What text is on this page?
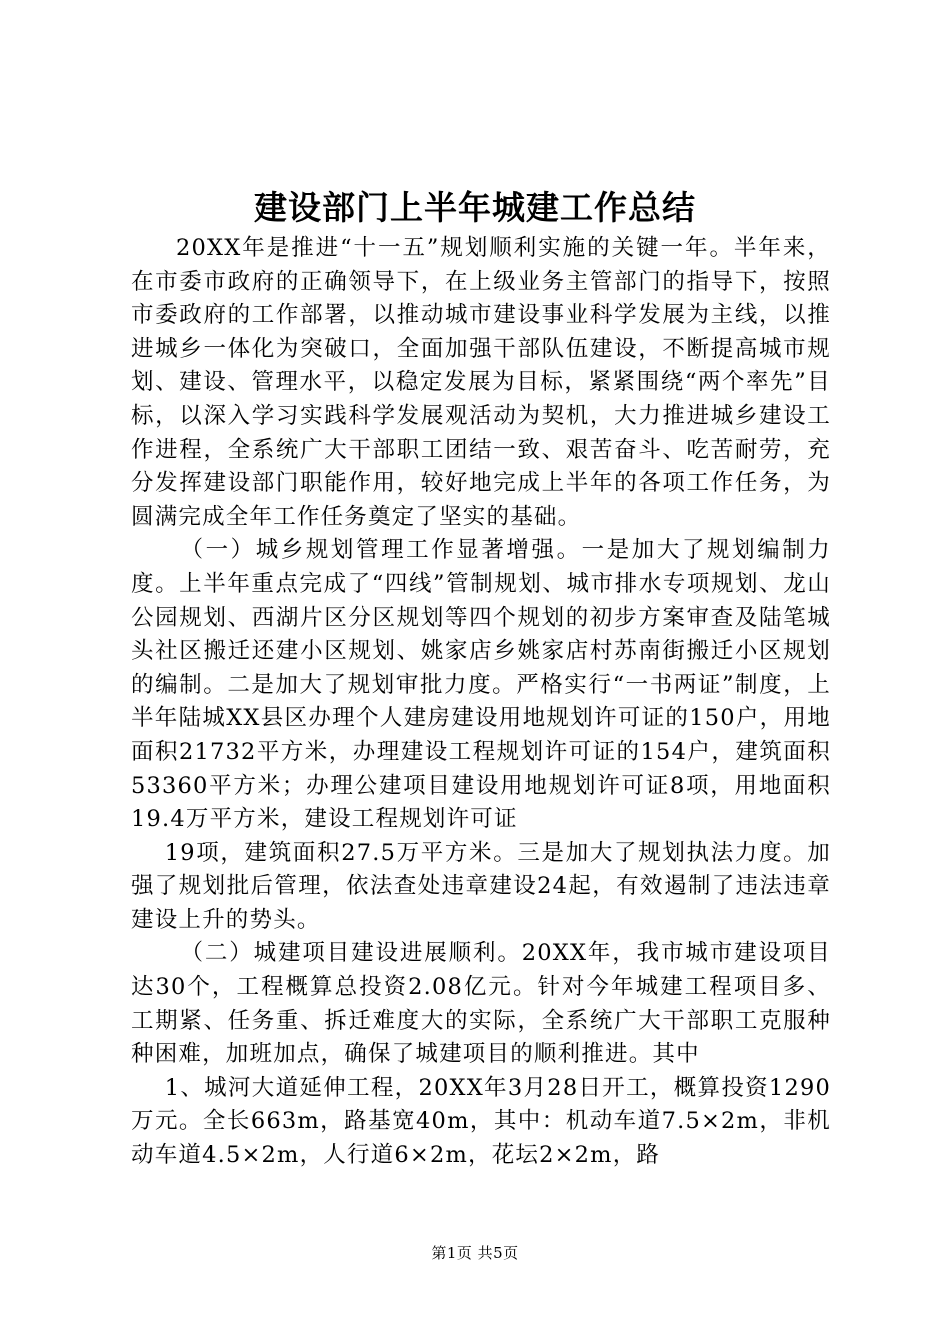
建设部门上半年城建工作总结

20XX年是推进“十一五”规划顺利实施的关键一年。半年来，在市委市政府的正确领导下，在上级业务主管部门的指导下，按照市委政府的工作部署，以推动城市建设事业科学发展为主线，以推进城乡一体化为突破口，全面加强干部队伍建设，不断提高城市规划、建设、管理水平，以稳定发展为目标，紧紧围绕“两个率先”目标，以深入学习实践科学发展观活动为契机，大力推进城乡建设工作进程，全系统广大干部职工团结一致、艰苦奋斗、吃苦耐劳，充分发挥建设部门职能作用，较好地完成上半年的各项工作任务，为圆满完成全年工作任务奠定了坚实的基础。

（一）城乡规划管理工作显著增强。一是加大了规划编制力度。上半年重点完成了“四线”管制规划、城市排水专项规划、龙山公园规划、西湖片区分区规划等四个规划的初步方案审查及陆笔城头社区搬迁还建小区规划、姚家店乡姚家店村苏南街搬迁小区规划的编制。二是加大了规划审批力度。严格实行“一书两证”制度，上半年陆城XX县区办理个人建房建设用地规划许可证的150户，用地面积21732平方米，办理建设工程规划许可证的154户，建筑面积53360平方米；办理公建项目建设用地规划许可证8项，用地面积19.4万平方米，建设工程规划许可证

19项，建筑面积27.5万平方米。三是加大了规划执法力度。加强了规划批后管理，依法查处违章建设24起，有效遏制了违法违章建设上升的势头。

（二）城建项目建设进展顺利。20XX年，我市城市建设项目达30个，工程概算总投资2.08亿元。针对今年城建工程项目多、工期紧、任务重、拆迁难度大的实际，全系统广大干部职工克服种种困难，加班加点，确保了城建项目的顺利推进。其中

1、城河大道延伸工程，20XX年3月28日开工，概算投资1290万元。全长663m，路基宽40m，其中：机动车道7.5×2m，非机动车道4.5×2m，人行道6×2m，花坛2×2m，路

第1页 共5页
